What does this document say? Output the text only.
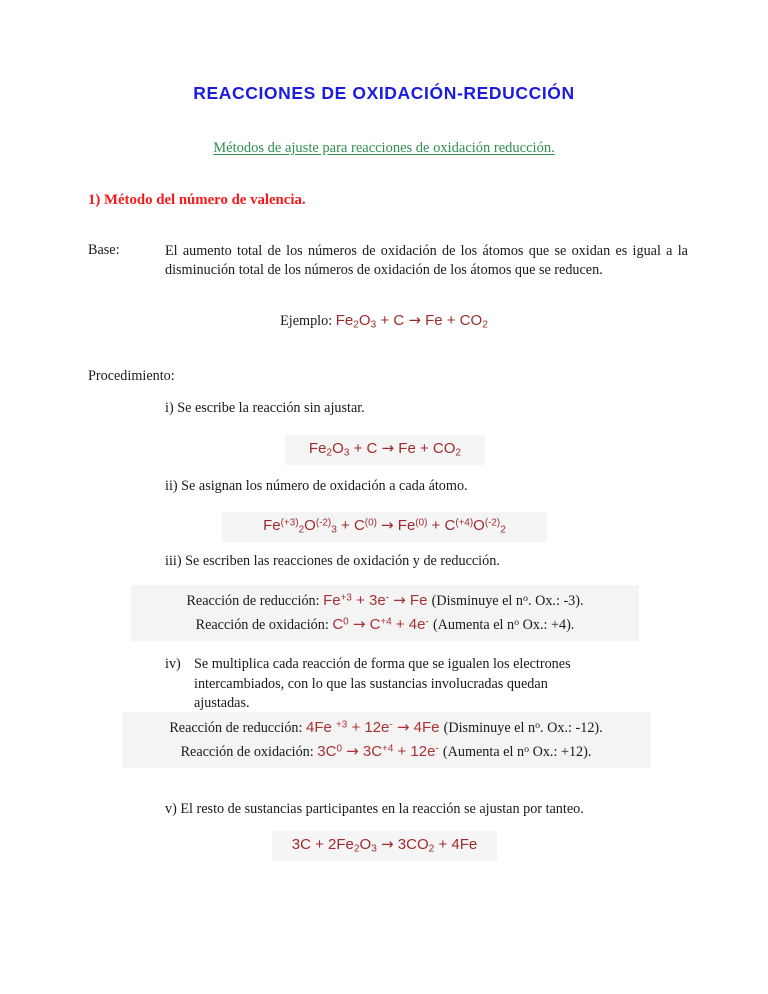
REACCIONES DE OXIDACIÓN-REDUCCIÓN
Métodos de ajuste para reacciones de oxidación reducción.
1) Método del número de valencia.
Base:	El aumento total de los números de oxidación de los átomos que se oxidan es igual a la disminución total de los números de oxidación de los átomos que se reducen.
Ejemplo: $Fe_2O_3 + C \to Fe + CO_2$
Procedimiento:
i) Se escribe la reacción sin ajustar.
$Fe_2O_3 + C \to Fe + CO_2$
ii) Se asignan los número de oxidación a cada átomo.
$Fe^{(+3)}_2O^{(-2)}_3 + C^{(0)} \to Fe^{(0)} + C^{(+4)}O^{(-2)}_2$
iii) Se escriben las reacciones de oxidación y de reducción.
Reacción de reducción: $Fe^{+3} + 3e^- \to Fe$ (Disminuye el $n^o$. Ox.: -3).
Reacción de oxidación: $C^0 \to C^{+4} + 4e^-$ (Aumenta el $n^o$ Ox.: +4).
iv) Se multiplica cada reacción de forma que se igualen los electrones

intercambiados, con lo que las sustancias involucradas quedan

ajustadas.

Reacción de reducción: 4Fe $^{+3}$ + 12e- → 4Fe (Disminuye el $n^o$. Ox.: -12).
Reacción de oxidación: $3C^0 \to 3C^{+4} + 12e^-$ (Aumenta el $n^o$ Ox.: +12).
v) El resto de sustancias participantes en la reacción se ajustan por tanteo.
$3C + 2Fe_2O_3 \to 3CO_2 + 4Fe$
